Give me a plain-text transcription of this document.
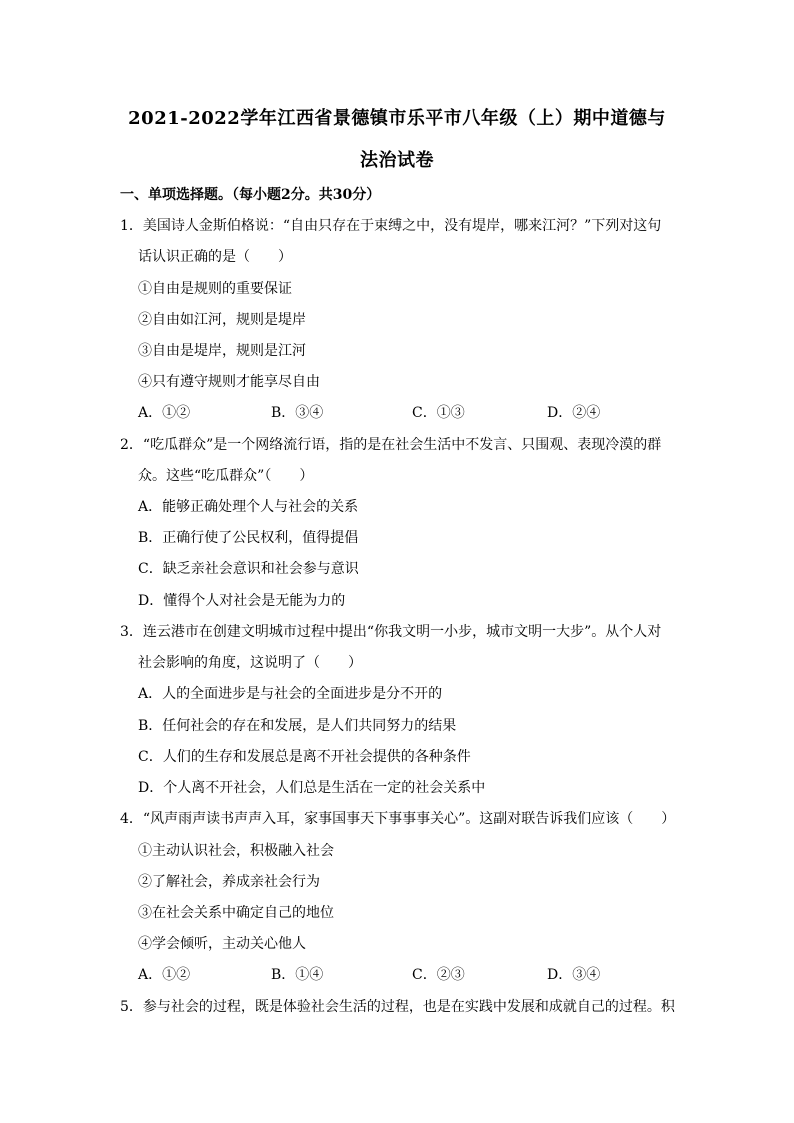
2021-2022学年江西省景德镇市乐平市八年级（上）期中道德与
法治试卷
一、单项选择题。（每小题2分。共30分）
1．美国诗人金斯伯格说：“自由只存在于束缚之中，没有堤岸，哪来江河？”下列对这句
话认识正确的是（　　）
①自由是规则的重要保证
②自由如江河，规则是堤岸
③自由是堤岸，规则是江河
④只有遵守规则才能享尽自由
A．①②	B．③④	C．①③	D．②④
2．“吃瓜群众”是一个网络流行语，指的是在社会生活中不发言、只围观、表现冷漠的群
众。这些“吃瓜群众”（　　）
A．能够正确处理个人与社会的关系
B．正确行使了公民权利，值得提倡
C．缺乏亲社会意识和社会参与意识
D．懂得个人对社会是无能为力的
3．连云港市在创建文明城市过程中提出“你我文明一小步，城市文明一大步”。从个人对
社会影响的角度，这说明了（　　）
A．人的全面进步是与社会的全面进步是分不开的
B．任何社会的存在和发展，是人们共同努力的结果
C．人们的生存和发展总是离不开社会提供的各种条件
D．个人离不开社会，人们总是生活在一定的社会关系中
4．“风声雨声读书声声入耳，家事国事天下事事事关心”。这副对联告诉我们应该（　　）
①主动认识社会，积极融入社会
②了解社会，养成亲社会行为
③在社会关系中确定自己的地位
④学会倾听，主动关心他人
A．①②	B．①④	C．②③	D．③④
5．参与社会的过程，既是体验社会生活的过程，也是在实践中发展和成就自己的过程。积
